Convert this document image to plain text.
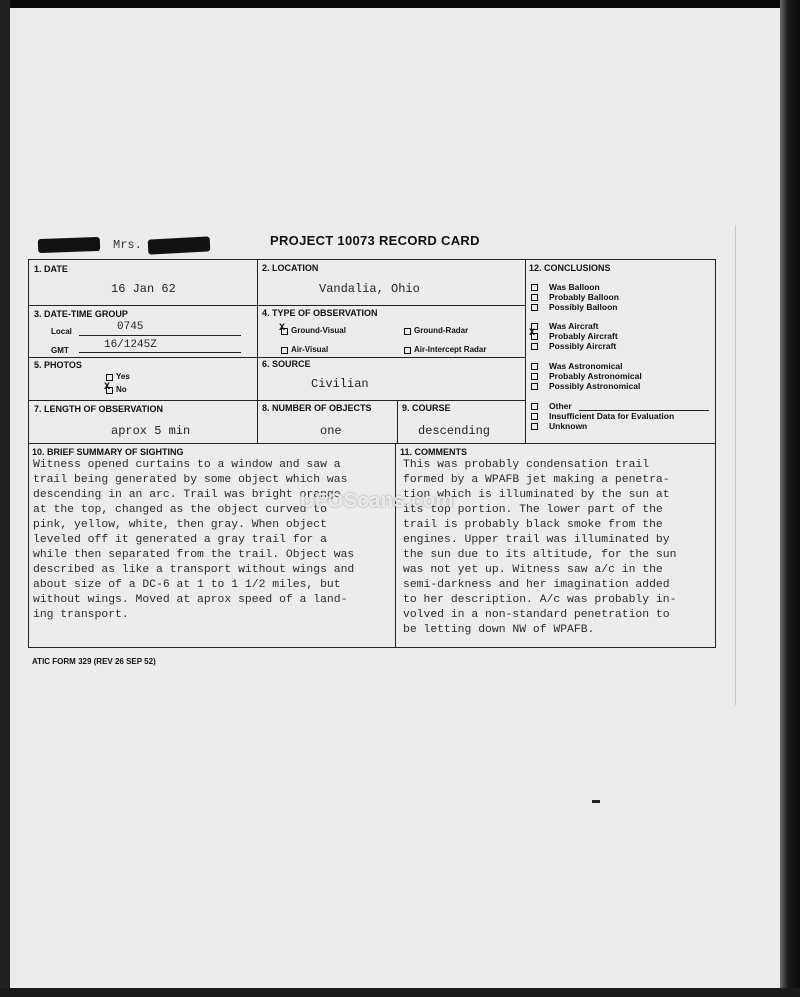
Mrs.	PROJECT 10073 RECORD CARD
1. DATE
16 Jan 62
2. LOCATION
Vandalia, Ohio
3. DATE-TIME GROUP
Local	0745
GMT	16/1245Z
4. TYPE OF OBSERVATION
X Ground-Visual	Ground-Radar
Air-Visual	Air-Intercept Radar
5. PHOTOS
Yes
X No
6. SOURCE
Civilian
7. LENGTH OF OBSERVATION
aprox 5 min
8. NUMBER OF OBJECTS
one
9. COURSE
descending
12. CONCLUSIONS
Was Balloon
Probably Balloon
Possibly Balloon
Was Aircraft
X Probably Aircraft
Possibly Aircraft
Was Astronomical
Probably Astronomical
Possibly Astronomical
Other
Insufficient Data for Evaluation
Unknown
10. BRIEF SUMMARY OF SIGHTING
Witness opened curtains to a window and saw a
trail being generated by some object which was
descending in an arc. Trail was bright orange
at the top, changed as the object curved to
pink, yellow, white, then gray. When object
leveled off it generated a gray trail for a
while then separated from the trail. Object was
described as like a transport without wings and
about size of a DC-6 at 1 to 1 1/2 miles, but
without wings. Moved at aprox speed of a land-
ing transport.
11. COMMENTS
This was probably condensation trail
formed by a WPAFB jet making a penetra-
tion which is illuminated by the sun at
its top portion. The lower part of the
trail is probably black smoke from the
engines. Upper trail was illuminated by
the sun due to its altitude, for the sun
was not yet up. Witness saw a/c in the
semi-darkness and her imagination added
to her description. A/c was probably in-
volved in a non-standard penetration to
be letting down NW of WPAFB.
UFOScans.com
ATIC FORM 329 (REV 26 SEP 52)
